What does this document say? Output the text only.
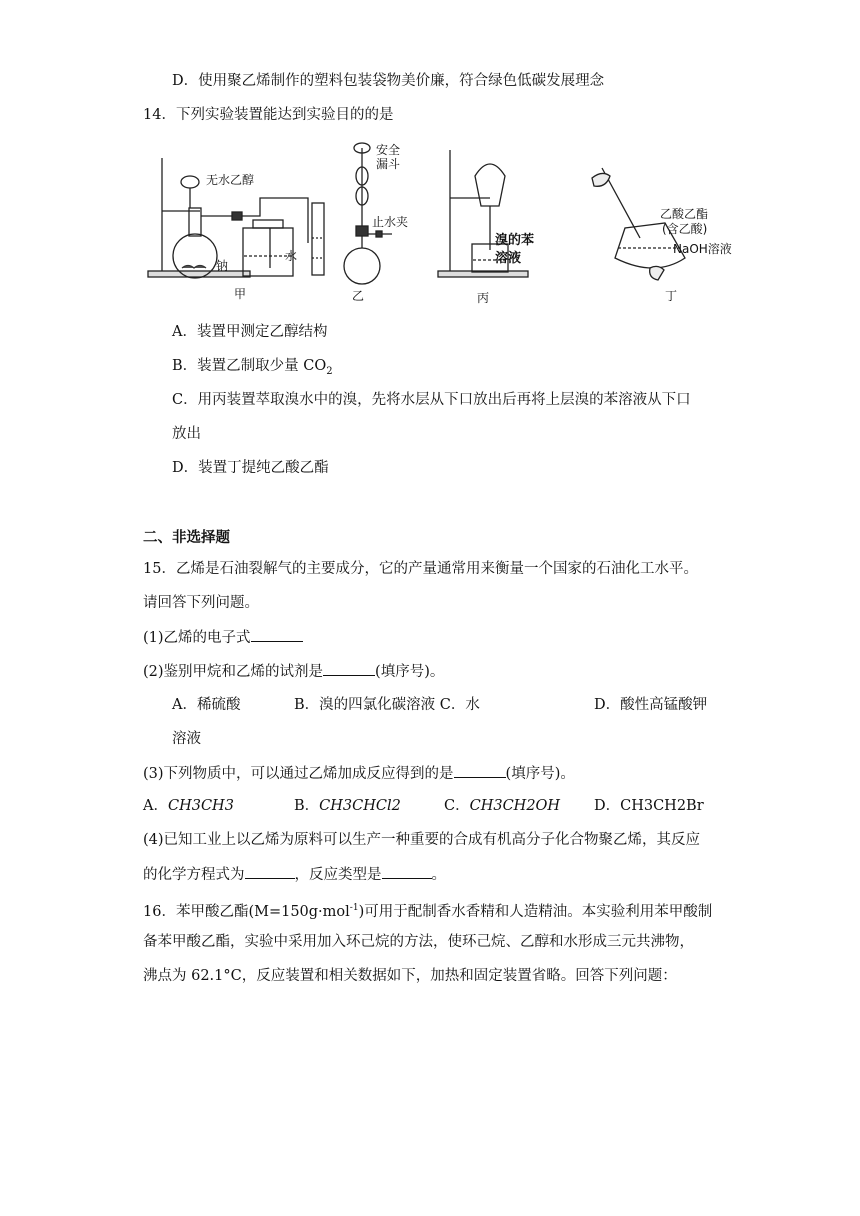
D．使用聚乙烯制作的塑料包装袋物美价廉，符合绿色低碳发展理念
14．下列实验装置能达到实验目的的是
无水乙醇
钠
水
甲
安全
漏斗
止水夹
乙
溴的苯
溶液
丙
乙酸乙酯
(含乙酸)
NaOH溶液
丁
A．装置甲测定乙醇结构
B．装置乙制取少量 $CO_2$
C．用丙装置萃取溴水中的溴，先将水层从下口放出后再将上层溴的苯溶液从下口
放出
D．装置丁提纯乙酸乙酯
二、非选择题
15．乙烯是石油裂解气的主要成分，它的产量通常用来衡量一个国家的石油化工水平。
请回答下列问题。
(1)乙烯的电子式
(2)鉴别甲烷和乙烯的试剂是	(填序号)。
A．稀硫酸	B．溴的四氯化碳溶液 C．水	D．酸性高锰酸钾
溶液
(3)下列物质中，可以通过乙烯加成反应得到的是	(填序号)。
A．CH3CH3	B．CH3CHCl2	C．CH3CH2OH D．CH3CH2Br
(4)已知工业上以乙烯为原料可以生产一种重要的合成有机高分子化合物聚乙烯，其反应
的化学方程式为	，反应类型是	。
16．苯甲酸乙酯(M=150g·mol$^{-1}$)可用于配制香水香精和人造精油。本实验利用苯甲酸制
备苯甲酸乙酯，实验中采用加入环己烷的方法，使环己烷、乙醇和水形成三元共沸物，
沸点为 62.1°C，反应装置和相关数据如下，加热和固定装置省略。回答下列问题：
